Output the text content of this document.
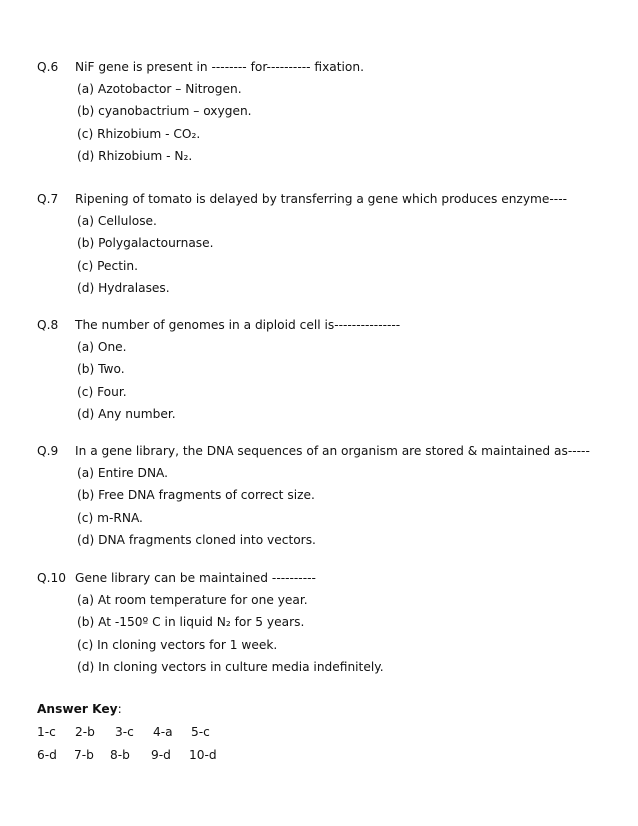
Q.6 NiF gene is present in -------- for---------- fixation.
(a) Azotobactor – Nitrogen.
(b) cyanobactrium – oxygen.
(c) Rhizobium - CO₂.
(d) Rhizobium - N₂.
Q.7 Ripening of tomato is delayed by transferring a gene which produces enzyme----
(a) Cellulose.
(b) Polygalactournase.
(c) Pectin.
(d) Hydralases.
Q.8 The number of genomes in a diploid cell is---------------
(a) One.
(b) Two.
(c) Four.
(d) Any number.
Q.9 In a gene library, the DNA sequences of an organism are stored & maintained as-----
(a) Entire DNA.
(b) Free DNA fragments of correct size.
(c) m-RNA.
(d) DNA fragments cloned into vectors.
Q.10 Gene library can be maintained ----------
(a) At room temperature for one year.
(b) At -150º C in liquid N₂ for 5 years.
(c) In cloning vectors for 1 week.
(d) In cloning vectors in culture media indefinitely.
Answer Key:
1-c 2-b 3-c 4-a 5-c
6-d 7-b 8-b 9-d 10-d
